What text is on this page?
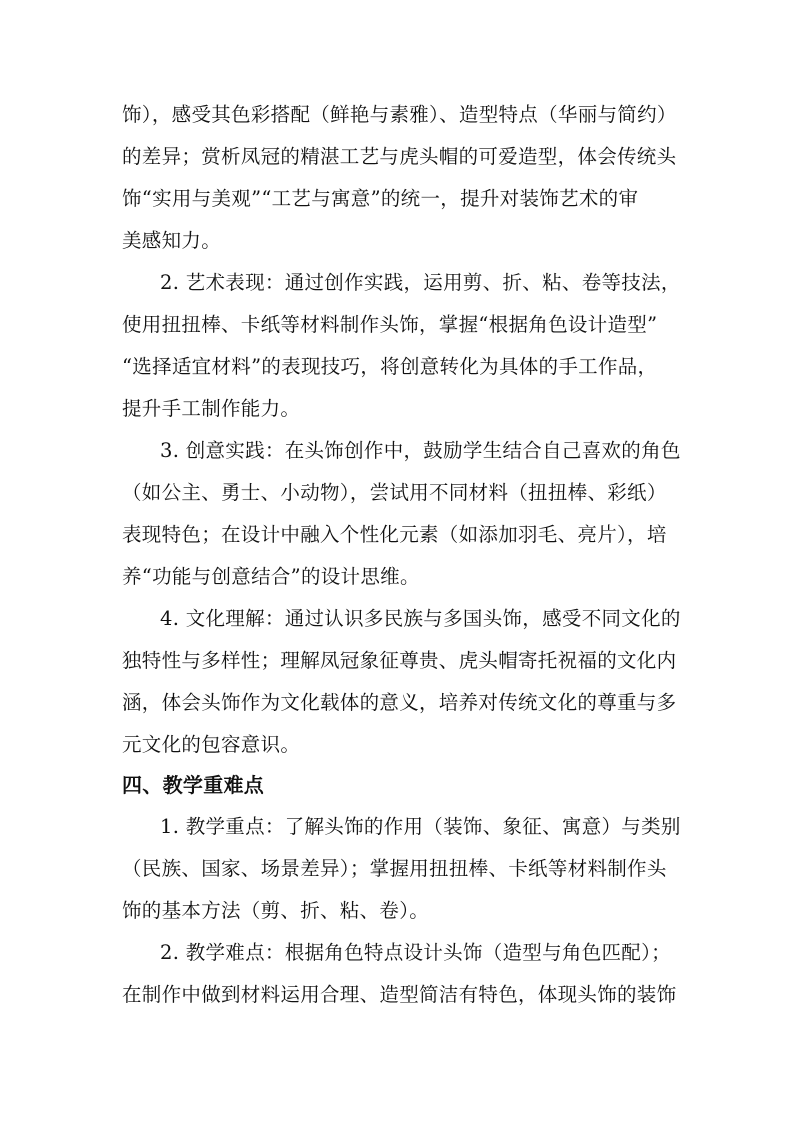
饰），感受其色彩搭配（鲜艳与素雅）、造型特点（华丽与简约）
的差异；赏析凤冠的精湛工艺与虎头帽的可爱造型，体会传统头
饰“实用与美观”“工艺与寓意”的统一，提升对装饰艺术的审
美感知力。
2. 艺术表现：通过创作实践，运用剪、折、粘、卷等技法，
使用扭扭棒、卡纸等材料制作头饰，掌握“根据角色设计造型”
“选择适宜材料”的表现技巧，将创意转化为具体的手工作品，
提升手工制作能力。
3. 创意实践：在头饰创作中，鼓励学生结合自己喜欢的角色
（如公主、勇士、小动物），尝试用不同材料（扭扭棒、彩纸）
表现特色；在设计中融入个性化元素（如添加羽毛、亮片），培
养“功能与创意结合”的设计思维。
4. 文化理解：通过认识多民族与多国头饰，感受不同文化的
独特性与多样性；理解凤冠象征尊贵、虎头帽寄托祝福的文化内
涵，体会头饰作为文化载体的意义，培养对传统文化的尊重与多
元文化的包容意识。
四、教学重难点
1. 教学重点：了解头饰的作用（装饰、象征、寓意）与类别
（民族、国家、场景差异）；掌握用扭扭棒、卡纸等材料制作头
饰的基本方法（剪、折、粘、卷）。
2. 教学难点：根据角色特点设计头饰（造型与角色匹配）；
在制作中做到材料运用合理、造型简洁有特色，体现头饰的装饰
